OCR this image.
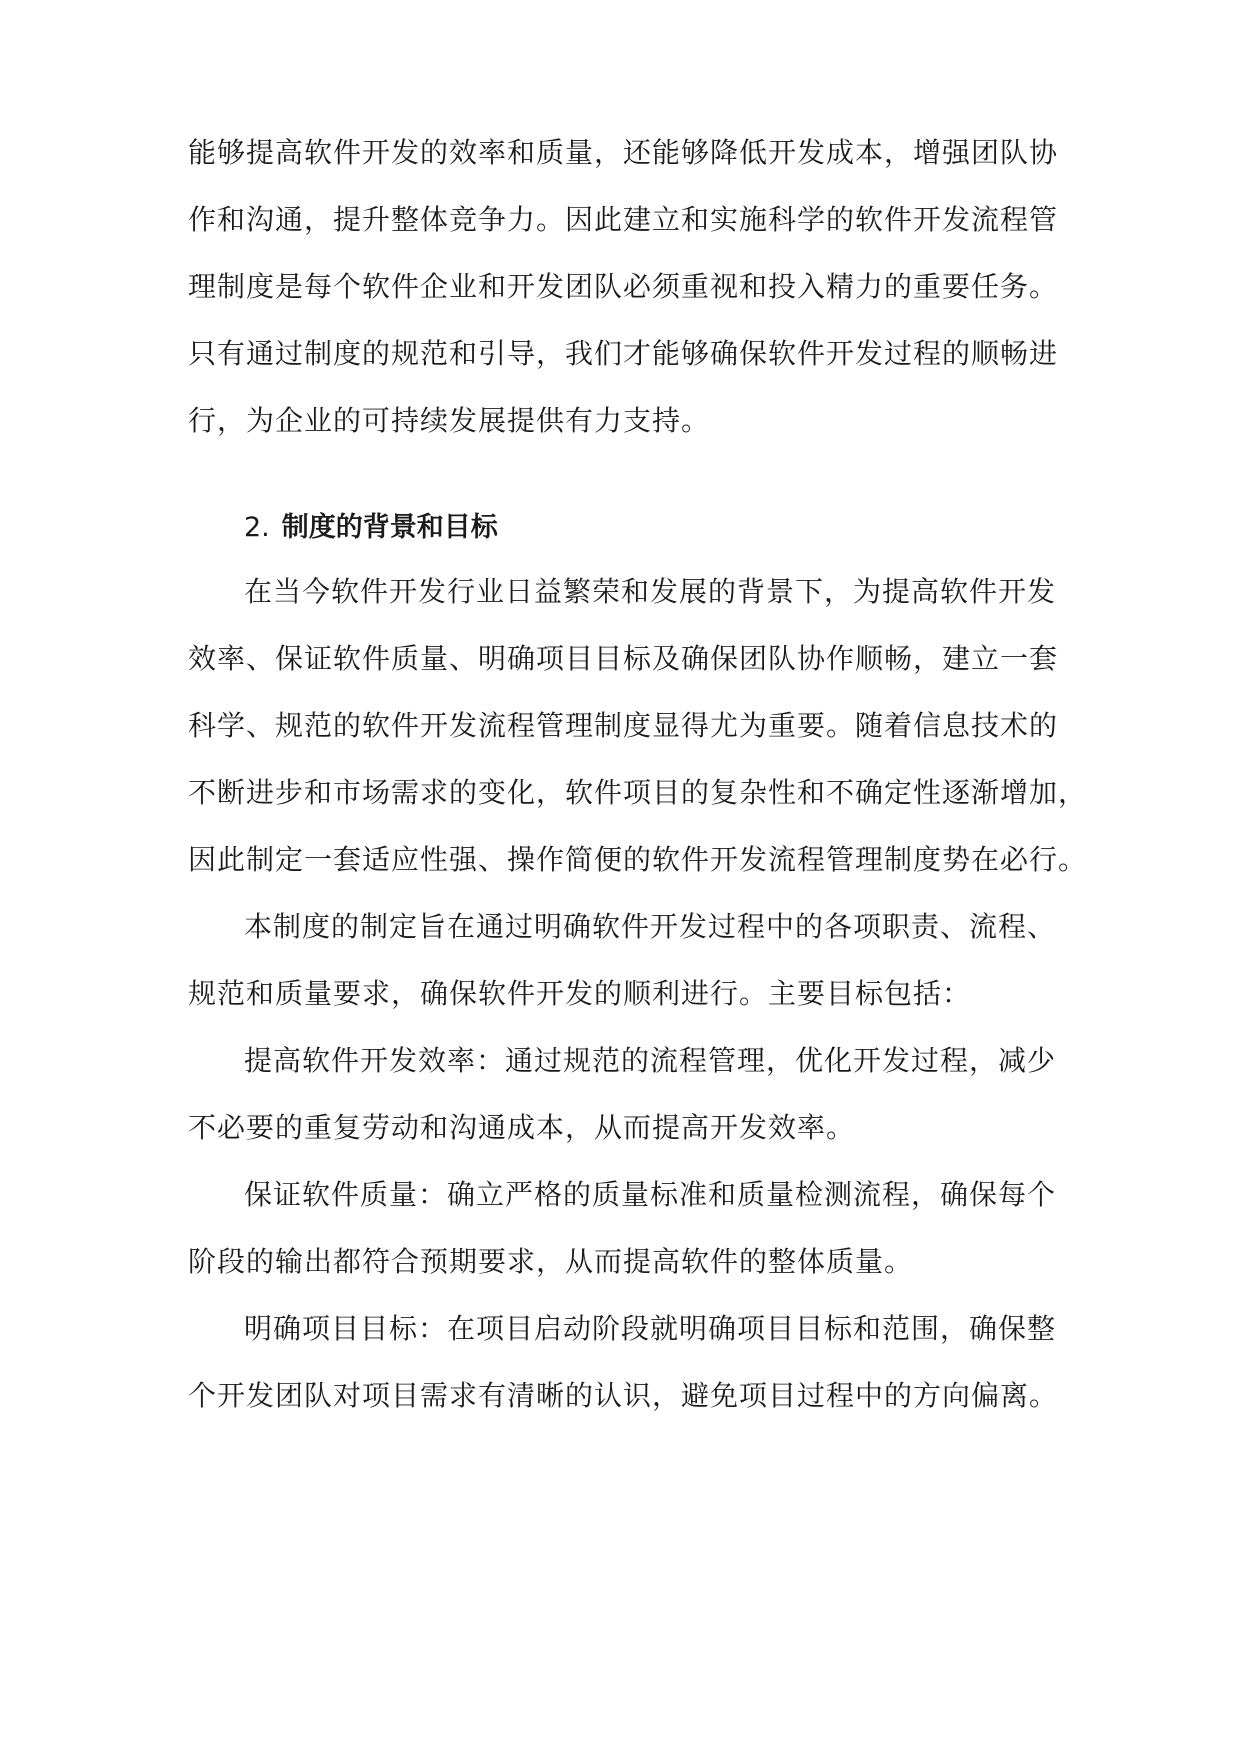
能够提高软件开发的效率和质量，还能够降低开发成本，增强团队协
作和沟通，提升整体竞争力。因此建立和实施科学的软件开发流程管
理制度是每个软件企业和开发团队必须重视和投入精力的重要任务。
只有通过制度的规范和引导，我们才能够确保软件开发过程的顺畅进
行，为企业的可持续发展提供有力支持。
2. 制度的背景和目标
在当今软件开发行业日益繁荣和发展的背景下，为提高软件开发
效率、保证软件质量、明确项目目标及确保团队协作顺畅，建立一套
科学、规范的软件开发流程管理制度显得尤为重要。随着信息技术的
不断进步和市场需求的变化，软件项目的复杂性和不确定性逐渐增加，
因此制定一套适应性强、操作简便的软件开发流程管理制度势在必行。
本制度的制定旨在通过明确软件开发过程中的各项职责、流程、
规范和质量要求，确保软件开发的顺利进行。主要目标包括：
提高软件开发效率：通过规范的流程管理，优化开发过程，减少
不必要的重复劳动和沟通成本，从而提高开发效率。
保证软件质量：确立严格的质量标准和质量检测流程，确保每个
阶段的输出都符合预期要求，从而提高软件的整体质量。
明确项目目标：在项目启动阶段就明确项目目标和范围，确保整
个开发团队对项目需求有清晰的认识，避免项目过程中的方向偏离。
